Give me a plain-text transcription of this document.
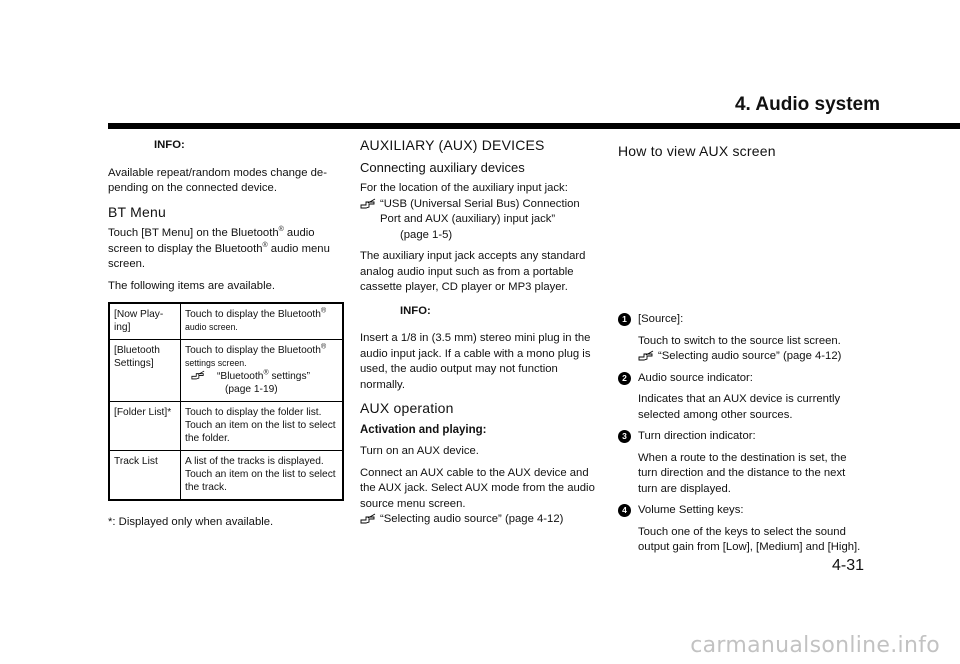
4. Audio system

INFO:

Available repeat/random modes change de-pending on the connected device.

BT Menu

Touch [BT Menu] on the Bluetooth® audio screen to display the Bluetooth® audio menu screen.

The following items are available.

[Now Play-ing]	Touch to display the Bluetooth®
audio screen.
[Bluetooth Settings]	Touch to display the Bluetooth®
settings screen.
“Bluetooth® settings”
(page 1-19)

[Folder List]*	Touch to display the folder list. Touch an item on the list to select the folder.
Track List	A list of the tracks is displayed. Touch an item on the list to select the track.

*: Displayed only when available.

AUXILIARY (AUX) DEVICES
Connecting auxiliary devices

For the location of the auxiliary input jack:

“USB (Universal Serial Bus) Connection Port and AUX (auxiliary) input jack”
(page 1-5)

The auxiliary input jack accepts any standard analog audio input such as from a portable cassette player, CD player or MP3 player.

INFO:

Insert a 1/8 in (3.5 mm) stereo mini plug in the audio input jack. If a cable with a mono plug is used, the audio output may not function normally.

AUX operation
Activation and playing:

Turn on an AUX device.

Connect an AUX cable to the AUX device and the AUX jack. Select AUX mode from the audio source menu screen.

“Selecting audio source” (page 4-12)
How to view AUX screen
1 [Source]:

Touch to switch to the source list screen.

“Selecting audio source” (page 4-12)
2 Audio source indicator:

Indicates that an AUX device is currently selected among other sources.

3 Turn direction indicator:

When a route to the destination is set, the turn direction and the distance to the next turn are displayed.

4 Volume Setting keys:

Touch one of the keys to select the sound output gain from [Low], [Medium] and [High].

4-31
carmanualsonline.info
